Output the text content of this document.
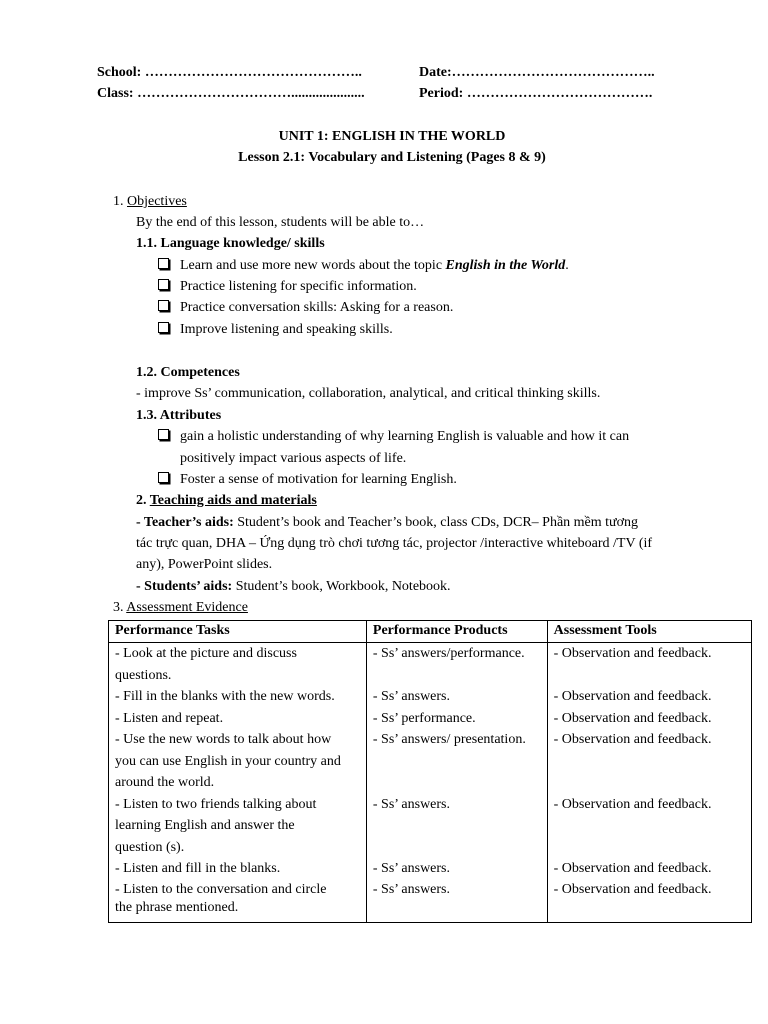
School: ………………………………………..	Date:……………………………………..
Class: …………………………….....................	Period: ………………………………….
UNIT 1: ENGLISH IN THE WORLD
Lesson 2.1: Vocabulary and Listening (Pages 8 & 9)
1. Objectives
By the end of this lesson, students will be able to…
1.1. Language knowledge/ skills
Learn and use more new words about the topic English in the World.
Practice listening for specific information.
Practice conversation skills: Asking for a reason.
Improve listening and speaking skills.
1.2. Competences
- improve Ss’ communication, collaboration, analytical, and critical thinking skills.
1.3. Attributes
gain a holistic understanding of why learning English is valuable and how it can
positively impact various aspects of life.
Foster a sense of motivation for learning English.
2. Teaching aids and materials
- Teacher’s aids: Student’s book and Teacher’s book, class CDs, DCR– Phần mềm tương
tác trực quan, DHA – Ứng dụng trò chơi tương tác, projector /interactive whiteboard /TV (if
any), PowerPoint slides.
- Students’ aids: Student’s book, Workbook, Notebook.
3. Assessment Evidence
Performance Tasks	Performance Products	Assessment Tools

- Look at the picture and discuss
questions.	- Ss’ answers/performance.	- Observation and feedback.

- Fill in the blanks with the new words.	- Ss’ answers.	- Observation and feedback.

- Listen and repeat.	- Ss’ performance.	- Observation and feedback.

- Use the new words to talk about how
you can use English in your country and
around the world.	- Ss’ answers/ presentation.	- Observation and feedback.

- Listen to two friends talking about
learning English and answer the
question (s).	- Ss’ answers.	- Observation and feedback.

- Listen and fill in the blanks.	- Ss’ answers.	- Observation and feedback.

- Listen to the conversation and circle
the phrase mentioned.	- Ss’ answers.	- Observation and feedback.
